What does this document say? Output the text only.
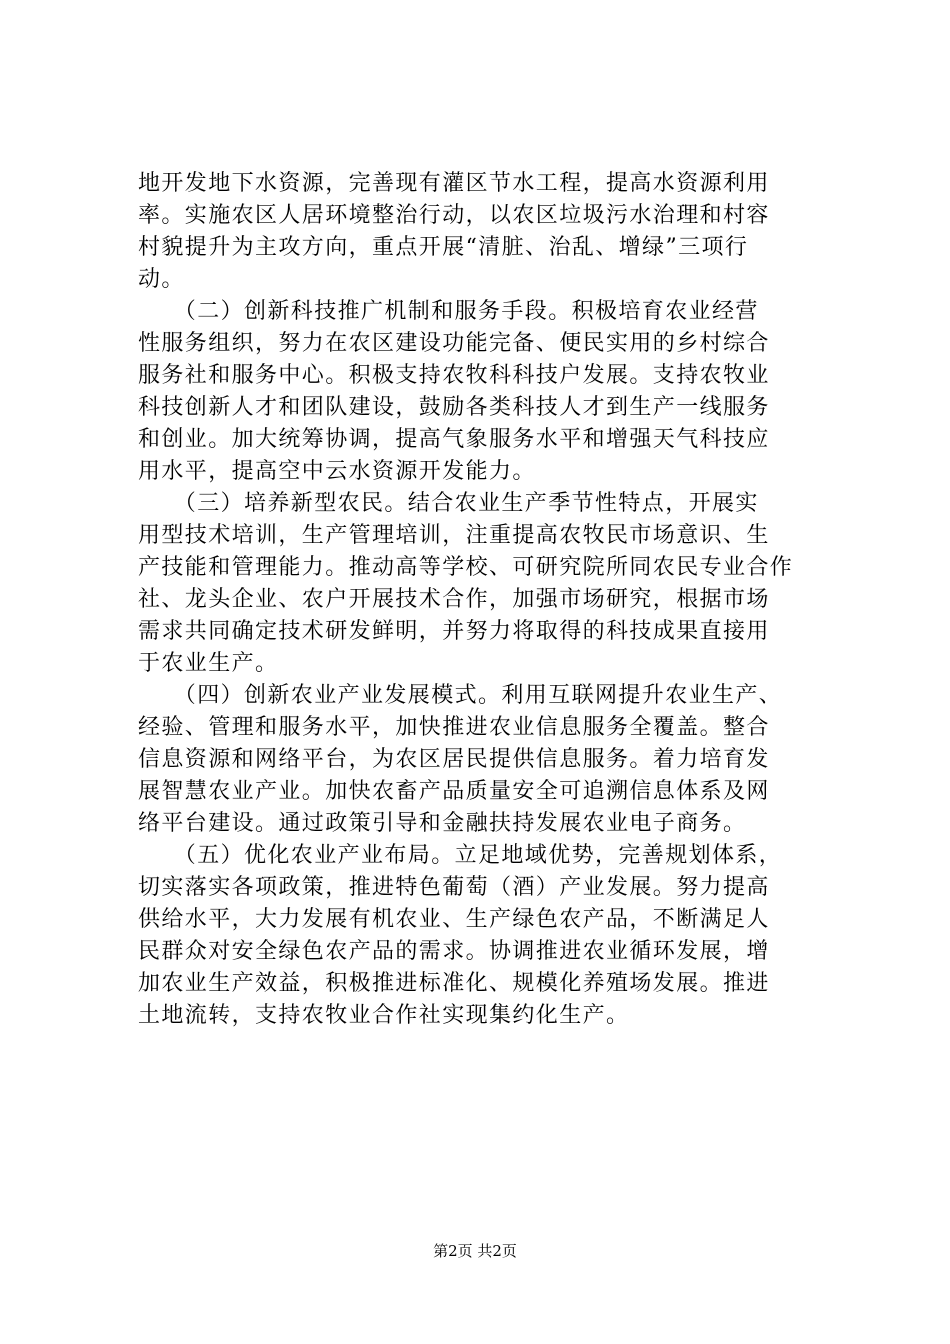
地开发地下水资源，完善现有灌区节水工程，提高水资源利用
率。实施农区人居环境整治行动，以农区垃圾污水治理和村容
村貌提升为主攻方向，重点开展“清脏、治乱、增绿”三项行
动。
　　（二）创新科技推广机制和服务手段。积极培育农业经营
性服务组织，努力在农区建设功能完备、便民实用的乡村综合
服务社和服务中心。积极支持农牧科科技户发展。支持农牧业
科技创新人才和团队建设，鼓励各类科技人才到生产一线服务
和创业。加大统筹协调，提高气象服务水平和增强天气科技应
用水平，提高空中云水资源开发能力。
　　（三）培养新型农民。结合农业生产季节性特点，开展实
用型技术培训，生产管理培训，注重提高农牧民市场意识、生
产技能和管理能力。推动高等学校、可研究院所同农民专业合作
社、龙头企业、农户开展技术合作，加强市场研究，根据市场
需求共同确定技术研发鲜明，并努力将取得的科技成果直接用
于农业生产。
　　（四）创新农业产业发展模式。利用互联网提升农业生产、
经验、管理和服务水平，加快推进农业信息服务全覆盖。整合
信息资源和网络平台，为农区居民提供信息服务。着力培育发
展智慧农业产业。加快农畜产品质量安全可追溯信息体系及网
络平台建设。通过政策引导和金融扶持发展农业电子商务。
　　（五）优化农业产业布局。立足地域优势，完善规划体系，
切实落实各项政策，推进特色葡萄（酒）产业发展。努力提高
供给水平，大力发展有机农业、生产绿色农产品，不断满足人
民群众对安全绿色农产品的需求。协调推进农业循环发展，增
加农业生产效益，积极推进标准化、规模化养殖场发展。推进
土地流转，支持农牧业合作社实现集约化生产。
第2页 共2页
